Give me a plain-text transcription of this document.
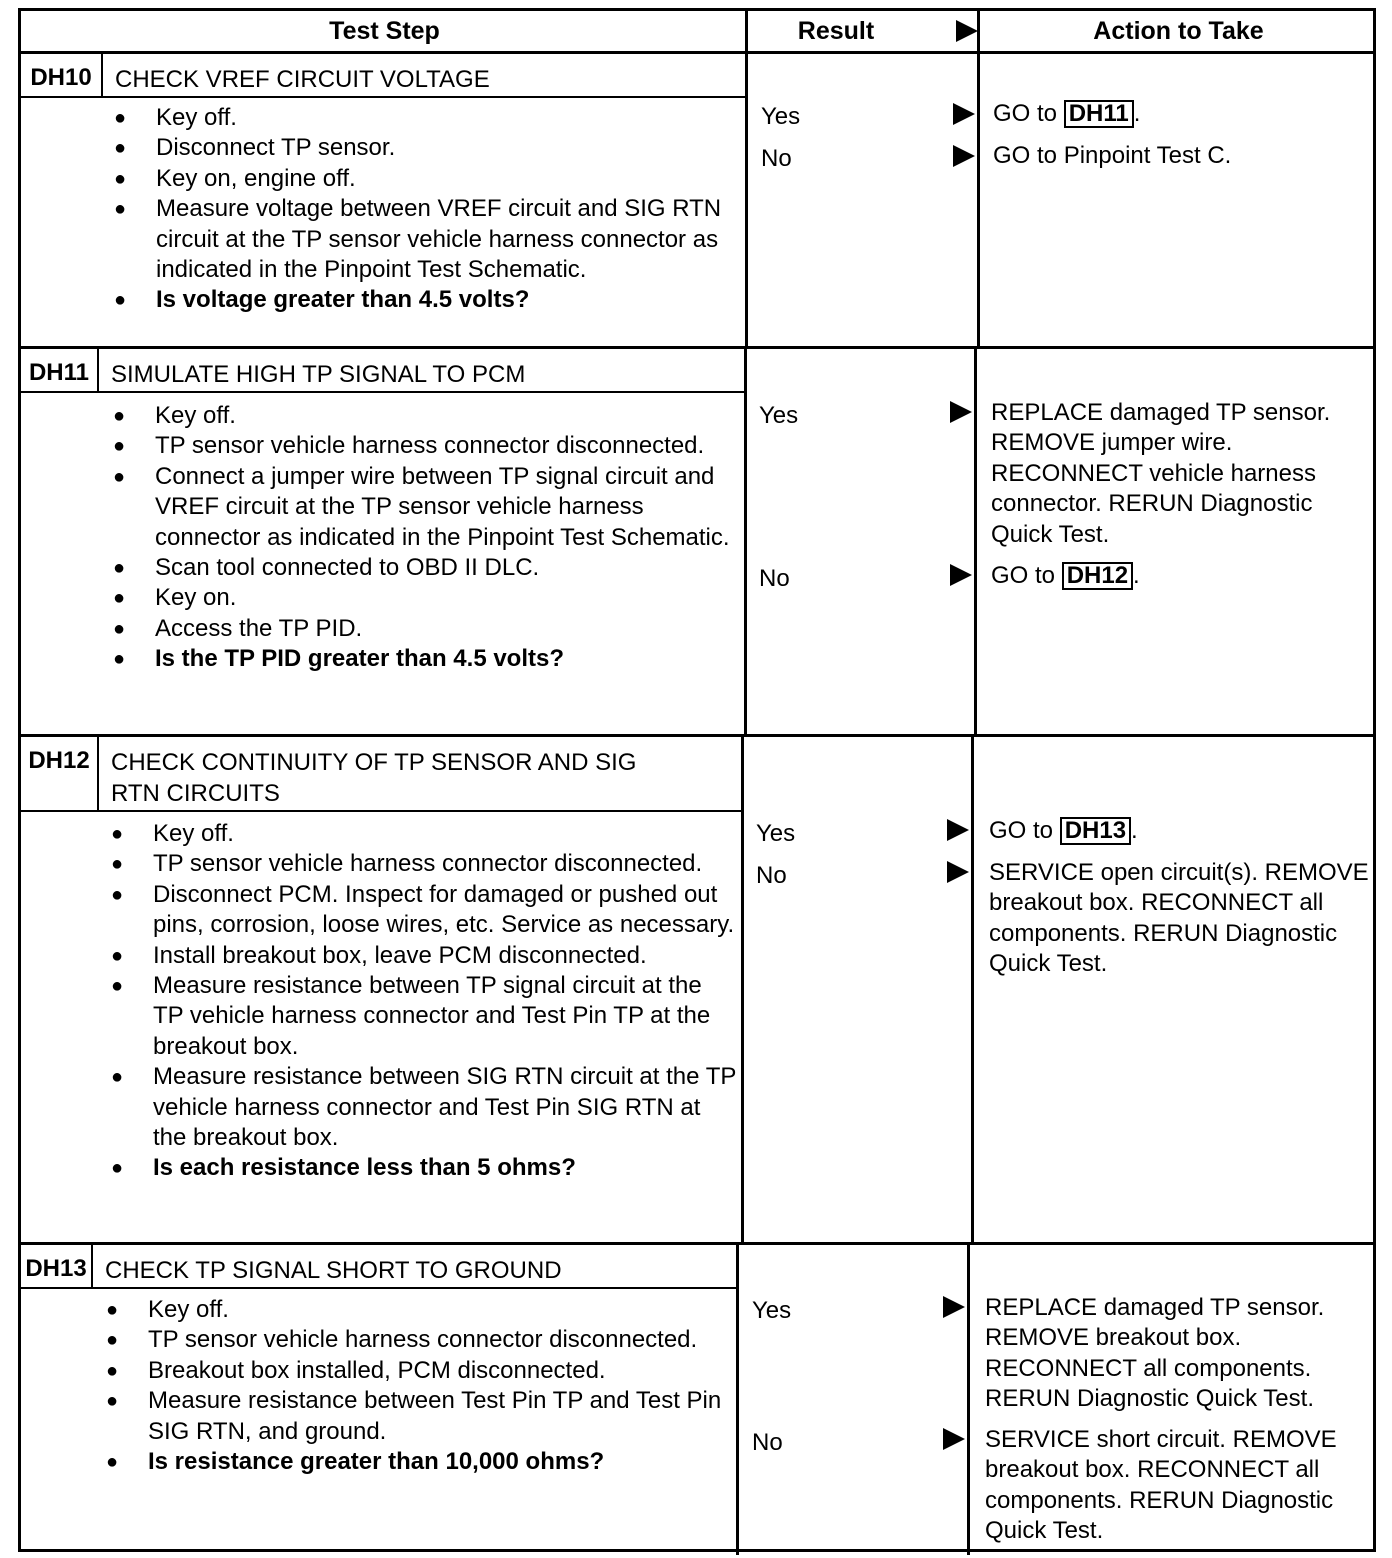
Test Step	Result	Action to Take
DH10 CHECK VREF CIRCUIT VOLTAGE
● Key off.
● Disconnect TP sensor.
● Key on, engine off.
● Measure voltage between VREF circuit and SIG RTN circuit at the TP sensor vehicle harness connector as indicated in the Pinpoint Test Schematic.
● Is voltage greater than 4.5 volts?
Yes	GO to DH11 .
No	GO to Pinpoint Test C.
DH11 SIMULATE HIGH TP SIGNAL TO PCM
● Key off.
● TP sensor vehicle harness connector disconnected.
● Connect a jumper wire between TP signal circuit and VREF circuit at the TP sensor vehicle harness connector as indicated in the Pinpoint Test Schematic.
● Scan tool connected to OBD II DLC.
● Key on.
● Access the TP PID.
● Is the TP PID greater than 4.5 volts?
Yes	REPLACE damaged TP sensor. REMOVE jumper wire. RECONNECT vehicle harness connector. RERUN Diagnostic Quick Test.
No	GO to DH12 .
DH12 CHECK CONTINUITY OF TP SENSOR AND SIG RTN CIRCUITS
● Key off.
● TP sensor vehicle harness connector disconnected.
● Disconnect PCM. Inspect for damaged or pushed out pins, corrosion, loose wires, etc. Service as necessary.
● Install breakout box, leave PCM disconnected.
● Measure resistance between TP signal circuit at the TP vehicle harness connector and Test Pin TP at the breakout box.
● Measure resistance between SIG RTN circuit at the TP vehicle harness connector and Test Pin SIG RTN at the breakout box.
● Is each resistance less than 5 ohms?
Yes	GO to DH13 .
No	SERVICE open circuit(s). REMOVE breakout box. RECONNECT all components. RERUN Diagnostic Quick Test.
DH13 CHECK TP SIGNAL SHORT TO GROUND
● Key off.
● TP sensor vehicle harness connector disconnected.
● Breakout box installed, PCM disconnected.
● Measure resistance between Test Pin TP and Test Pin SIG RTN, and ground.
● Is resistance greater than 10,000 ohms?
Yes	REPLACE damaged TP sensor. REMOVE breakout box. RECONNECT all components. RERUN Diagnostic Quick Test.
No	SERVICE short circuit. REMOVE breakout box. RECONNECT all components. RERUN Diagnostic Quick Test.
